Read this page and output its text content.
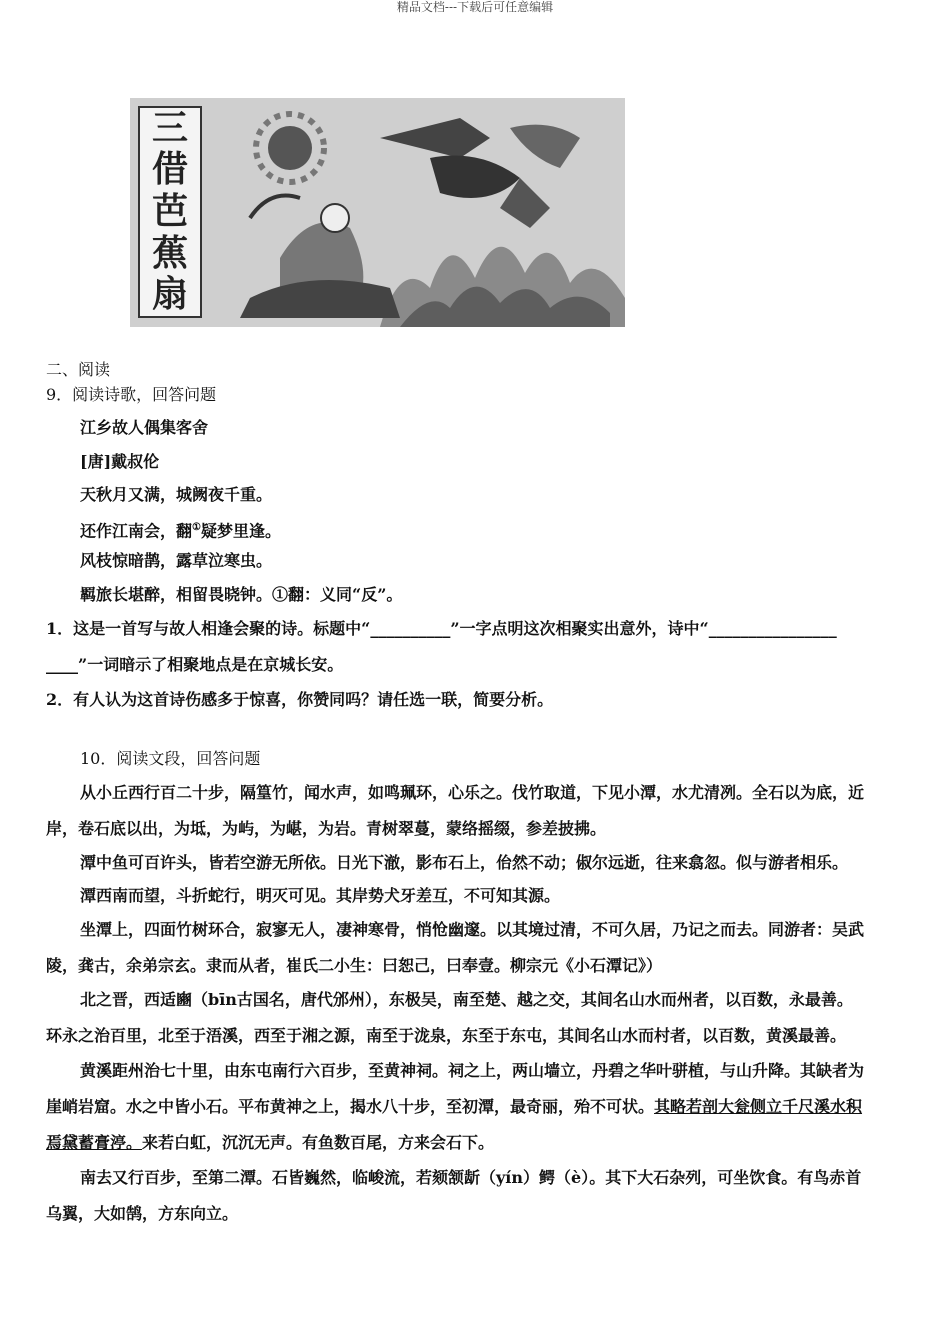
精品文档---下载后可任意编辑
三
借
芭
蕉
扇
二、阅读
9．阅读诗歌，回答问题
江乡故人偶集客舍
[唐]戴叔伦
天秋月又满，城阙夜千重。
还作江南会，翻①疑梦里逢。
风枝惊暗鹊，露草泣寒虫。
羁旅长堪醉，相留畏晓钟。①翻：义同“反”。
1．这是一首写与故人相逢会聚的诗。标题中“__________”一字点明这次相聚实出意外，诗中“________________
____”一词暗示了相聚地点是在京城长安。
2．有人认为这首诗伤感多于惊喜，你赞同吗？请任选一联，简要分析。
10．阅读文段，回答问题
从小丘西行百二十步，隔篁竹，闻水声，如鸣珮环，心乐之。伐竹取道，下见小潭，水尤清冽。全石以为底，近
岸，卷石底以出，为坻，为屿，为嵁，为岩。青树翠蔓，蒙络摇缀，参差披拂。
潭中鱼可百许头，皆若空游无所依。日光下澈，影布石上，佁然不动；俶尔远逝，往来翕忽。似与游者相乐。
潭西南而望，斗折蛇行，明灭可见。其岸势犬牙差互，不可知其源。
坐潭上，四面竹树环合，寂寥无人，凄神寒骨，悄怆幽邃。以其境过清，不可久居，乃记之而去。同游者：吴武
陵，龚古，余弟宗玄。隶而从者，崔氏二小生：曰恕己，曰奉壹。柳宗元《小石潭记》）
北之晋，西适豳（bīn古国名，唐代邠州），东极吴，南至楚、越之交，其间名山水而州者，以百数，永最善。
环永之治百里，北至于浯溪，西至于湘之源，南至于泷泉，东至于东屯，其间名山水而村者，以百数，黄溪最善。
黄溪距州治七十里，由东屯南行六百步，至黄神祠。祠之上，两山墙立，丹碧之华叶骈植，与山升降。其缺者为
崖峭岩窟。水之中皆小石。平布黄神之上，揭水八十步，至初潭，最奇丽，殆不可状。其略若剖大瓮侧立千尺溪水积
焉黛蓄膏渟。来若白虹，沉沉无声。有鱼数百尾，方来会石下。
南去又行百步，至第二潭。石皆巍然，临峻流，若颏颔龂（yín）鳄（è）。其下大石杂列，可坐饮食。有鸟赤首
乌翼，大如鹄，方东向立。
